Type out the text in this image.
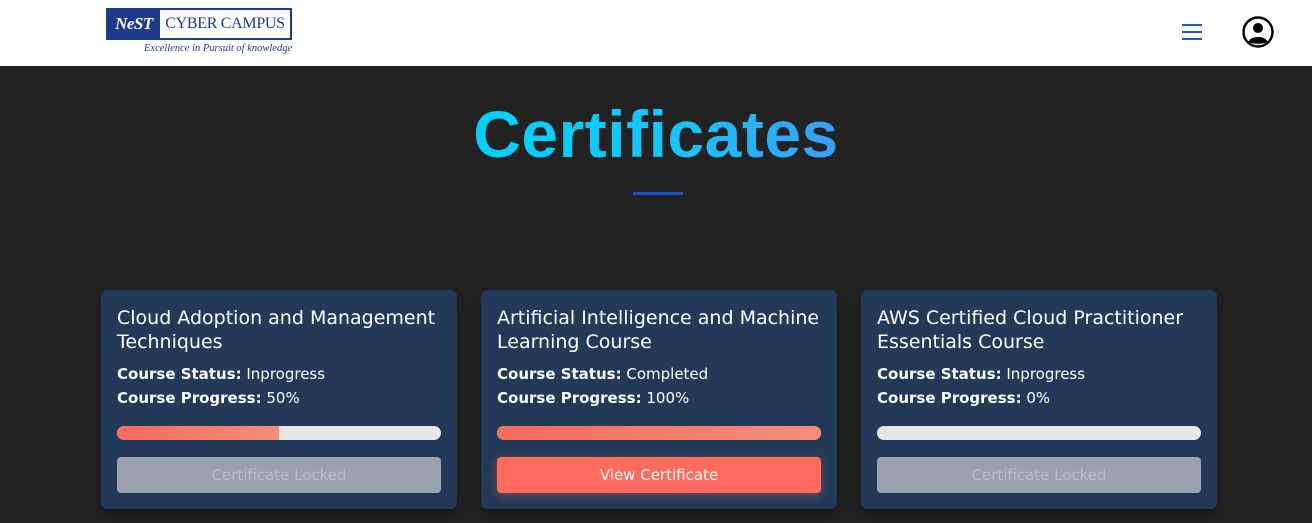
NeST CYBER CAMPUS
Excellence in Pursuit of knowledge
Certificates
Cloud Adoption and Management Techniques
Course Status: Inprogress
Course Progress: 50%
Certificate Locked
Artificial Intelligence and Machine Learning Course
Course Status: Completed
Course Progress: 100%
View Certificate
AWS Certified Cloud Practitioner Essentials Course
Course Status: Inprogress
Course Progress: 0%
Certificate Locked
